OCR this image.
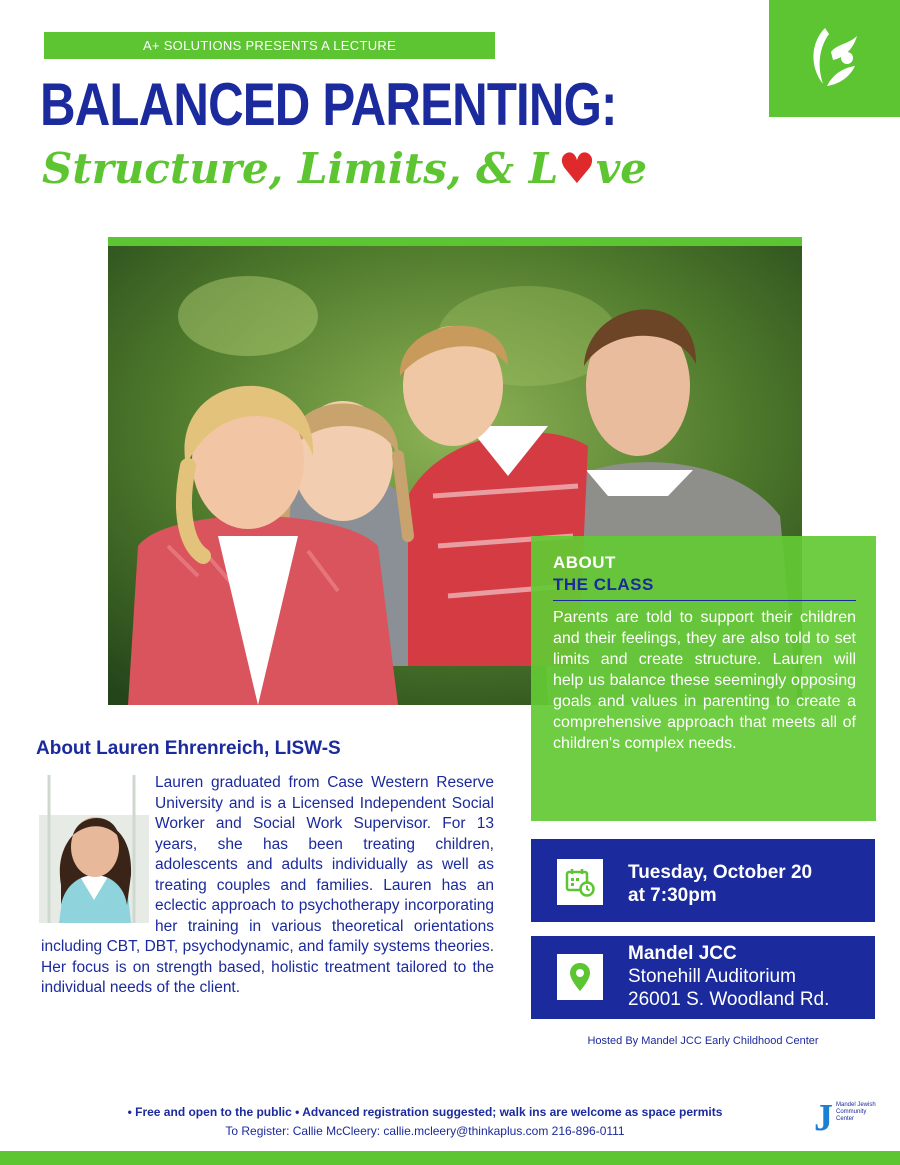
A+ SOLUTIONS PRESENTS A LECTURE
BALANCED PARENTING:
Structure, Limits, & L♥ve
ABOUT
THE CLASS
Parents are told to support their children and their feelings, they are also told to set limits and create structure. Lauren will help us balance these seemingly opposing goals and values in parenting to create a comprehensive approach that meets all of children's complex needs.
Tuesday, October 20
at 7:30pm
Mandel JCC
Stonehill Auditorium
26001 S. Woodland Rd.
Hosted By Mandel JCC Early Childhood Center
About Lauren Ehrenreich, LISW-S

Lauren graduated from Case Western Reserve University and is a Licensed Independent Social Worker and Social Work Supervisor. For 13 years, she has been treating children, adolescents and adults individually as well as treating couples and families. Lauren has an eclectic approach to psychotherapy incorporating her training in various theoretical orientations including CBT, DBT, psychodynamic, and family systems theories. Her focus is on strength based, holistic treatment tailored to the individual needs of the client.

• Free and open to the public • Advanced registration suggested; walk ins are welcome as space permits
To Register: Callie McCleery: callie.mcleery@thinkaplus.com 216-896-0111	J Mandel Jewish Community Center
